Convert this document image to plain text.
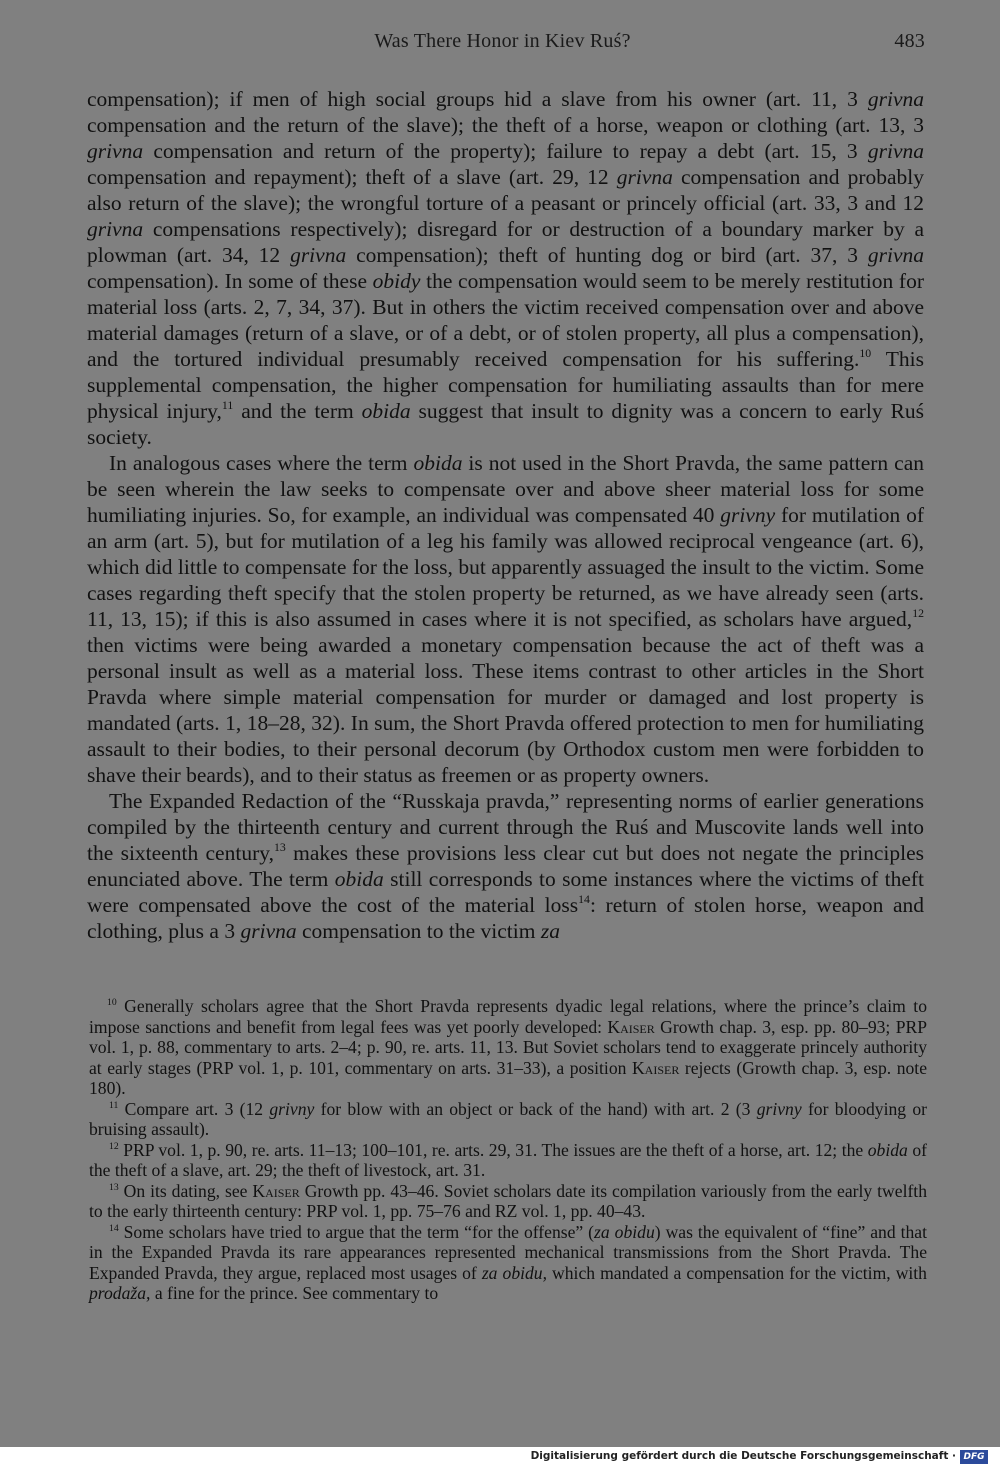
Was There Honor in Kiev Ruś?	483

compensation); if men of high social groups hid a slave from his owner (art. 11, 3 grivna compensation and the return of the slave); the theft of a horse, weapon or clothing (art. 13, 3 grivna compensation and return of the property); failure to repay a debt (art. 15, 3 grivna compensation and repayment); theft of a slave (art. 29, 12 grivna compensation and probably also return of the slave); the wrongful torture of a peasant or princely official (art. 33, 3 and 12 grivna compensations respectively); disregard for or destruction of a boundary marker by a plowman (art. 34, 12 grivna compensation); theft of hunting dog or bird (art. 37, 3 grivna compensation). In some of these obidy the compensation would seem to be merely restitution for material loss (arts. 2, 7, 34, 37). But in others the victim received compensation over and above material damages (return of a slave, or of a debt, or of stolen property, all plus a compensation), and the tortured individual presumably received compensation for his suffering.$^{10}$ This supplemental compensation, the higher compensation for humiliating assaults than for mere physical injury,$^{11}$ and the term obida suggest that insult to dignity was a concern to early Ruś society.

In analogous cases where the term obida is not used in the Short Pravda, the same pattern can be seen wherein the law seeks to compensate over and above sheer material loss for some humiliating injuries. So, for example, an individual was compensated 40 grivny for mutilation of an arm (art. 5), but for mutilation of a leg his family was allowed reciprocal vengeance (art. 6), which did little to compensate for the loss, but apparently assuaged the insult to the victim. Some cases regarding theft specify that the stolen property be returned, as we have already seen (arts. 11, 13, 15); if this is also assumed in cases where it is not specified, as scholars have argued,$^{12}$ then victims were being awarded a monetary compensation because the act of theft was a personal insult as well as a material loss. These items contrast to other articles in the Short Pravda where simple material compensation for murder or damaged and lost property is mandated (arts. 1, 18–28, 32). In sum, the Short Pravda offered protection to men for humiliating assault to their bodies, to their personal decorum (by Orthodox custom men were forbidden to shave their beards), and to their status as freemen or as property owners.

The Expanded Redaction of the “Russkaja pravda,” representing norms of earlier generations compiled by the thirteenth century and current through the Ruś and Muscovite lands well into the sixteenth century,$^{13}$ makes these provisions less clear cut but does not negate the principles enunciated above. The term obida still corresponds to some instances where the victims of theft were compensated above the cost of the material loss$^{14}$: return of stolen horse, weapon and clothing, plus a 3 grivna compensation to the victim za

$^{10}$ Generally scholars agree that the Short Pravda represents dyadic legal relations, where the prince’s claim to impose sanctions and benefit from legal fees was yet poorly developed: Kaiser Growth chap. 3, esp. pp. 80–93; PRP vol. 1, p. 88, commentary to arts. 2–4; p. 90, re. arts. 11, 13. But Soviet scholars tend to exaggerate princely authority at early stages (PRP vol. 1, p. 101, commentary on arts. 31–33), a position Kaiser rejects (Growth chap. 3, esp. note 180).

$^{11}$ Compare art. 3 (12 grivny for blow with an object or back of the hand) with art. 2 (3 grivny for bloodying or bruising assault).

$^{12}$ PRP vol. 1, p. 90, re. arts. 11–13; 100–101, re. arts. 29, 31. The issues are the theft of a horse, art. 12; the obida of the theft of a slave, art. 29; the theft of livestock, art. 31.

$^{13}$ On its dating, see Kaiser Growth pp. 43–46. Soviet scholars date its compilation variously from the early twelfth to the early thirteenth century: PRP vol. 1, pp. 75–76 and RZ vol. 1, pp. 40–43.

$^{14}$ Some scholars have tried to argue that the term “for the offense” (za obidu) was the equivalent of “fine” and that in the Expanded Pravda its rare appearances represented mechanical transmissions from the Short Pravda. The Expanded Pravda, they argue, replaced most usages of za obidu, which mandated a compensation for the victim, with prodaža, a fine for the prince. See commentary to

Digitalisierung gefördert durch die Deutsche Forschungsgemeinschaft · DFG
